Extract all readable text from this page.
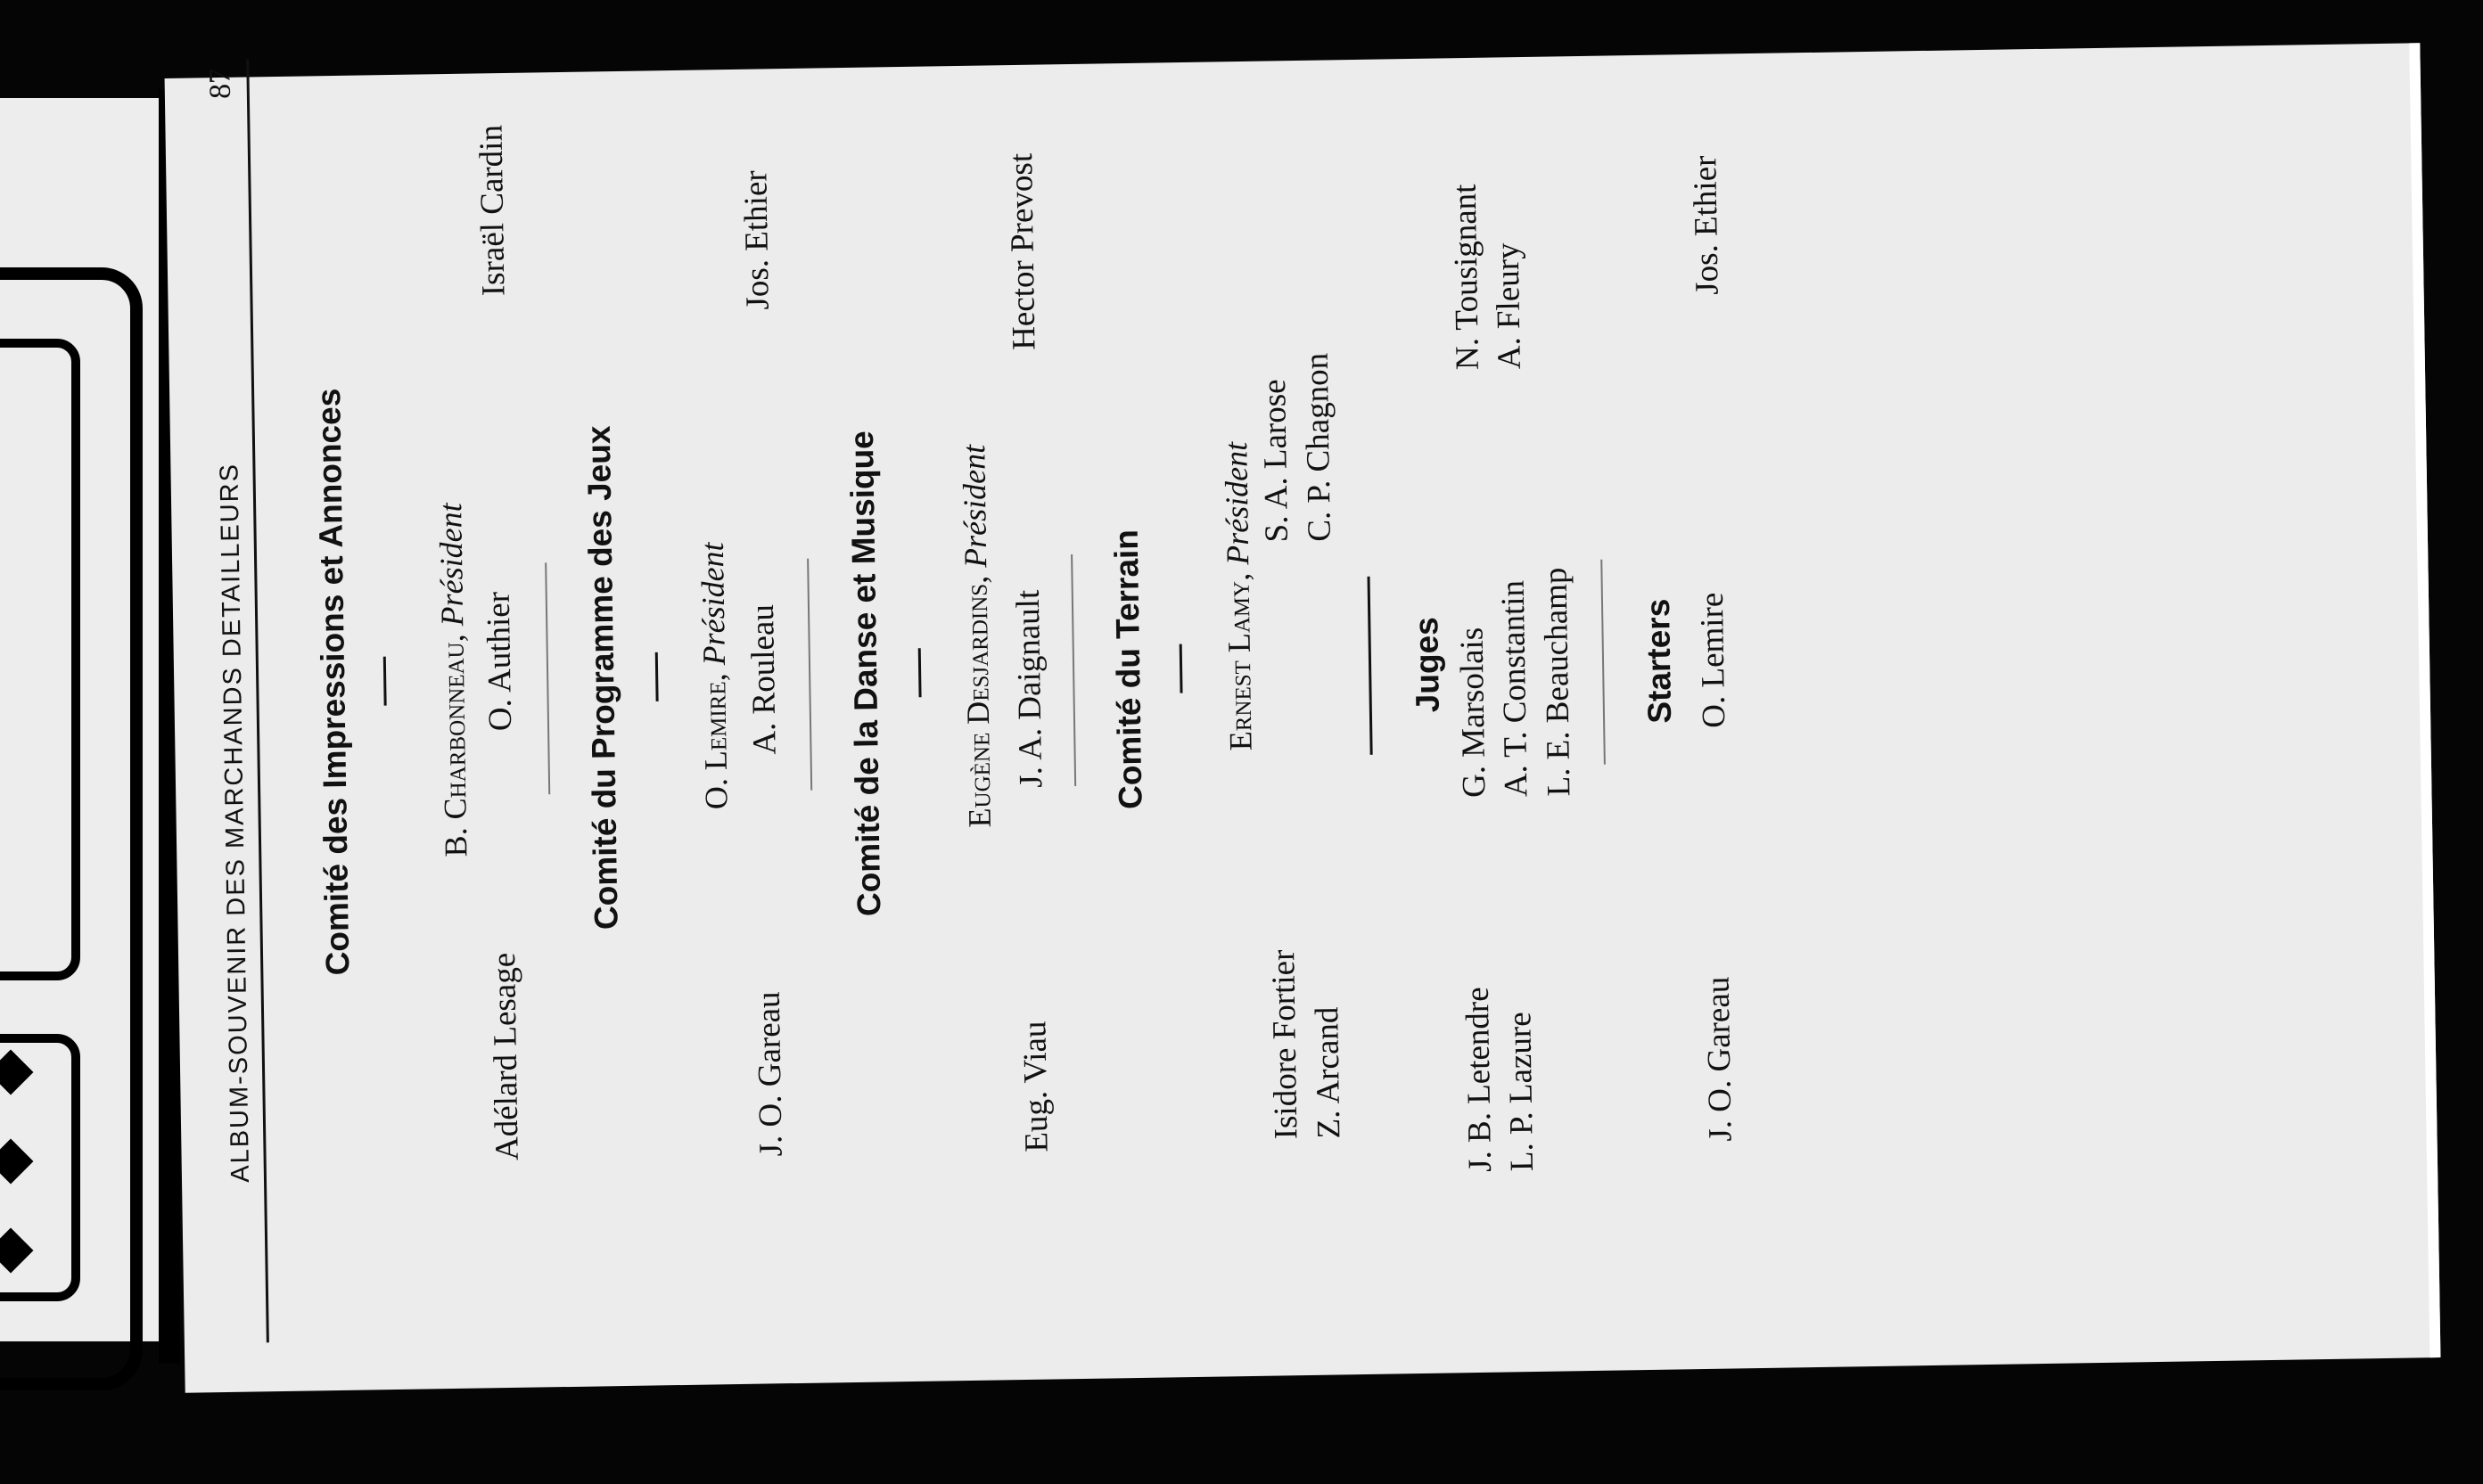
ALBUM-SOUVENIR DES MARCHANDS DETAILLEURS
87
Comité des Impressions et Annonces B. Charbonneau, Président
Adélard Lesage
O. Authier
Israël Cardin
Comité du Programme des Jeux O. Lemire, Président
J. O. Gareau
A. Rouleau
Jos. Ethier
Comité de la Danse et Musique Eugène Desjardins, Président
Eug. Viau
J. A. Daignault
Hector Prevost
Comité du Terrain Ernest Lamy, Président
Isidore Fortier
S. A. Larose
Z. Arcand
C. P. Chagnon
Juges
J. B. Letendre
G. Marsolais
N. Tousignant
L. P. Lazure
A. T. Constantin
A. Fleury
L. E. Beauchamp Starters
J. O. Gareau
O. Lemire
Jos. Ethier
